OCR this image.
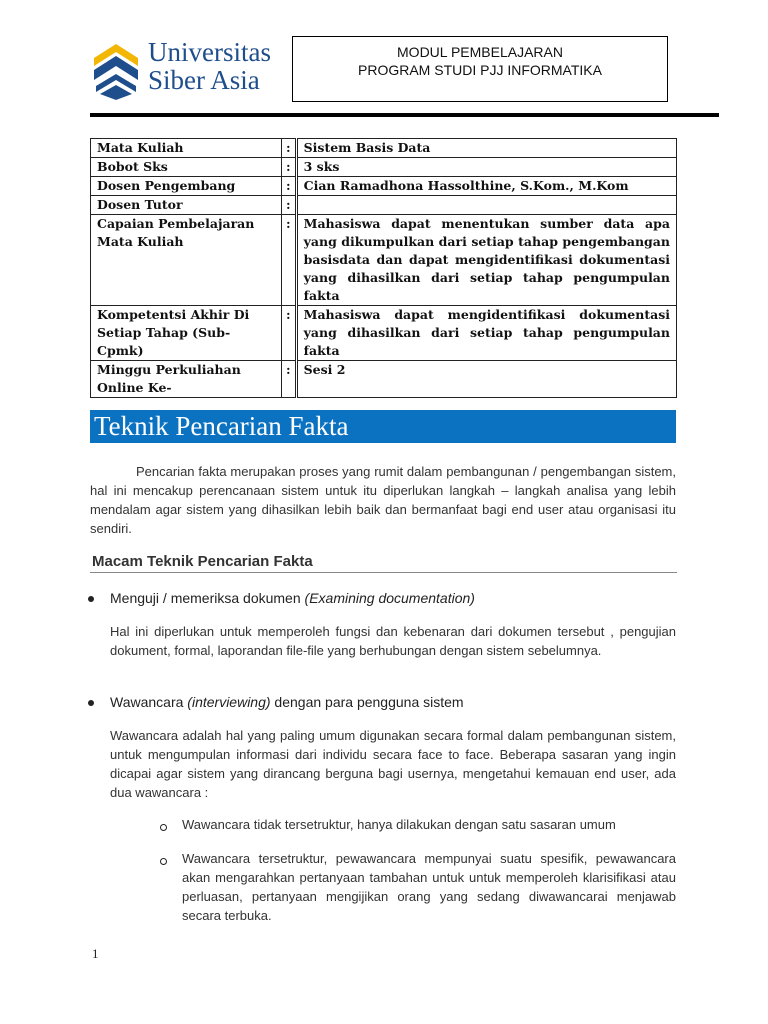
Universitas
Siber Asia
MODUL PEMBELAJARAN
PROGRAM STUDI PJJ INFORMATIKA
Mata Kuliah	:	Sistem Basis Data
Bobot Sks	:	3 sks
Dosen Pengembang	:	Cian Ramadhona Hassolthine, S.Kom., M.Kom
Dosen Tutor	:	
Capaian Pembelajaran Mata Kuliah	:	Mahasiswa dapat menentukan sumber data apa yang dikumpulkan dari setiap tahap pengembangan basisdata dan dapat mengidentifikasi dokumentasi yang dihasilkan dari setiap tahap pengumpulan fakta
Kompetentsi Akhir Di Setiap Tahap (Sub-Cpmk)	:	Mahasiswa dapat mengidentifikasi dokumentasi yang dihasilkan dari setiap tahap pengumpulan fakta
Minggu Perkuliahan Online Ke-	:	Sesi 2
Teknik Pencarian Fakta
Pencarian fakta merupakan proses yang rumit dalam pembangunan / pengembangan sistem, hal ini mencakup perencanaan sistem untuk itu diperlukan langkah – langkah analisa yang lebih mendalam agar sistem yang dihasilkan lebih baik dan bermanfaat bagi end user atau organisasi itu sendiri.
Macam Teknik Pencarian Fakta
Menguji / memeriksa dokumen (Examining documentation)
Hal ini diperlukan untuk memperoleh fungsi dan kebenaran dari dokumen tersebut , pengujian dokument, formal, laporandan file-file yang berhubungan dengan sistem sebelumnya.
Wawancara (interviewing) dengan para pengguna sistem
Wawancara adalah hal yang paling umum digunakan secara formal dalam pembangunan sistem, untuk mengumpulan informasi dari individu secara face to face. Beberapa sasaran yang ingin dicapai agar sistem yang dirancang berguna bagi usernya, mengetahui kemauan end user, ada dua wawancara :
Wawancara tidak tersetruktur, hanya dilakukan dengan satu sasaran umum
Wawancara tersetruktur, pewawancara mempunyai suatu spesifik, pewawancara akan mengarahkan pertanyaan tambahan untuk untuk memperoleh klarisifikasi atau perluasan, pertanyaan mengijikan orang yang sedang diwawancarai menjawab secara terbuka.
1
